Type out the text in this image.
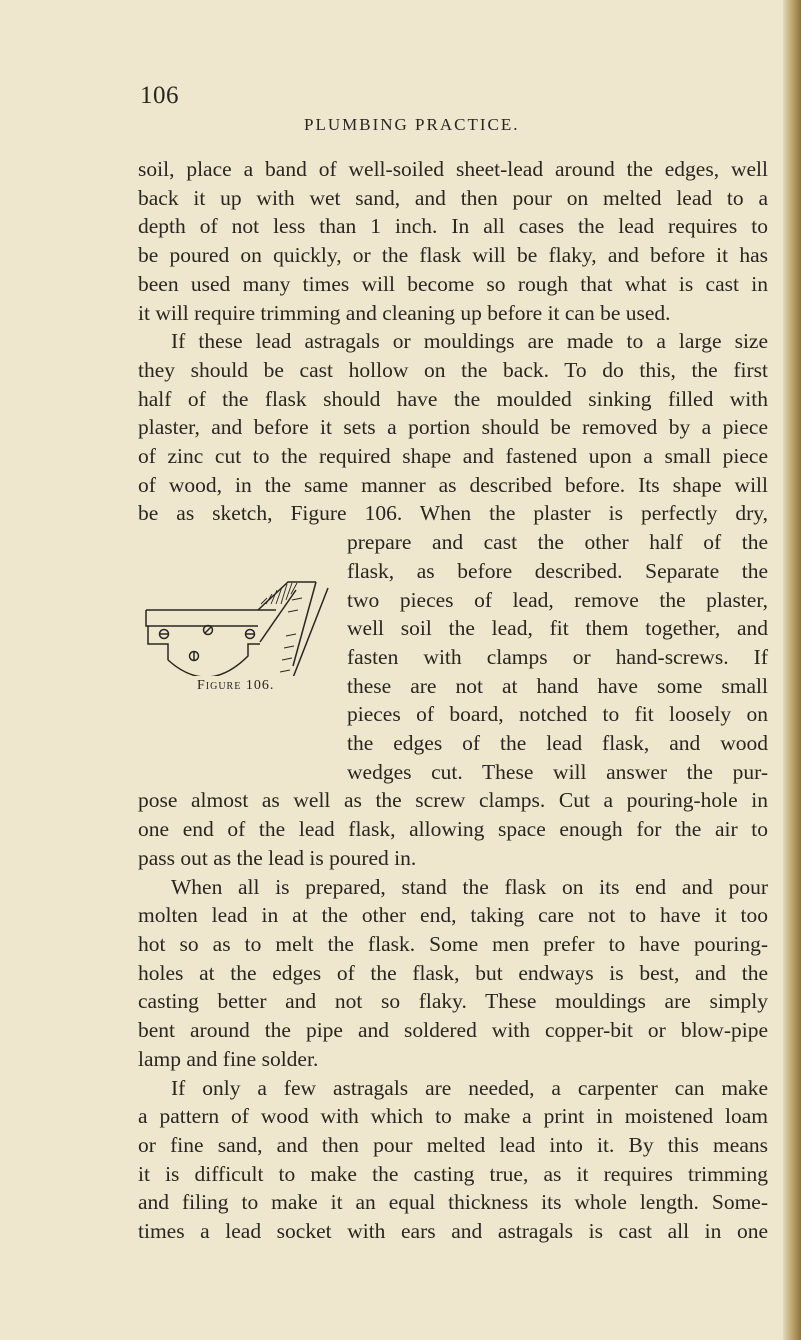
106
PLUMBING PRACTICE.
soil, place a band of well-soiled sheet-lead around the edges, well
back it up with wet sand, and then pour on melted lead to a
depth of not less than 1 inch. In all cases the lead requires to
be poured on quickly, or the flask will be flaky, and before it has
been used many times will become so rough that what is cast in
it will require trimming and cleaning up before it can be used.
If these lead astragals or mouldings are made to a large size
they should be cast hollow on the back. To do this, the first
half of the flask should have the moulded sinking filled with
plaster, and before it sets a portion should be removed by a piece
of zinc cut to the required shape and fastened upon a small piece
of wood, in the same manner as described before. Its shape will
be as sketch, Figure 106. When the plaster is perfectly dry,
prepare and cast the other half of the
flask, as before described. Separate the
two pieces of lead, remove the plaster,
well soil the lead, fit them together, and
fasten with clamps or hand-screws. If
these are not at hand have some small
pieces of board, notched to fit loosely on
the edges of the lead flask, and wood
wedges cut. These will answer the pur-
pose almost as well as the screw clamps. Cut a pouring-hole in
one end of the lead flask, allowing space enough for the air to
pass out as the lead is poured in.
When all is prepared, stand the flask on its end and pour
molten lead in at the other end, taking care not to have it too
hot so as to melt the flask. Some men prefer to have pouring-
holes at the edges of the flask, but endways is best, and the
casting better and not so flaky. These mouldings are simply
bent around the pipe and soldered with copper-bit or blow-pipe
lamp and fine solder.
If only a few astragals are needed, a carpenter can make
a pattern of wood with which to make a print in moistened loam
or fine sand, and then pour melted lead into it. By this means
it is difficult to make the casting true, as it requires trimming
and filing to make it an equal thickness its whole length. Some-
times a lead socket with ears and astragals is cast all in one
Figure 106.
